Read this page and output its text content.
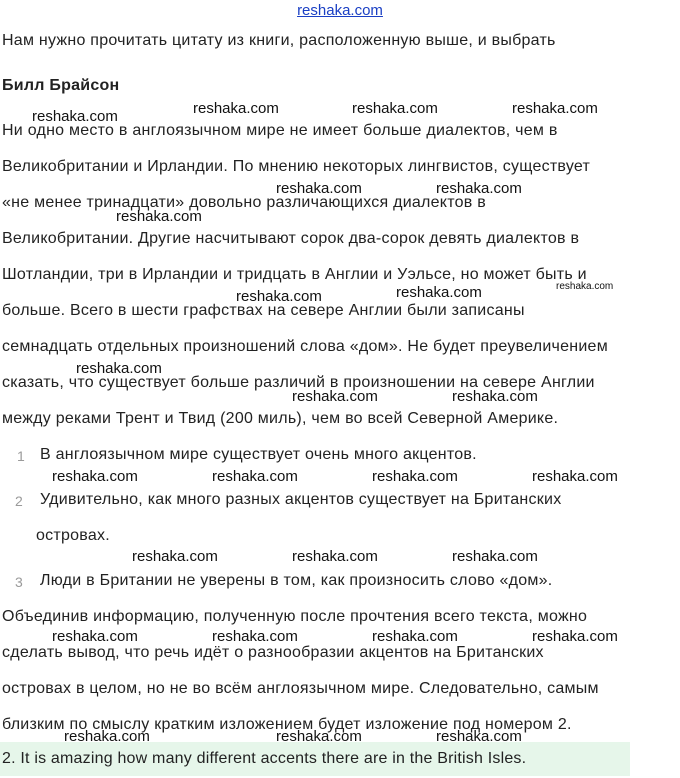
reshaka.com
Нам нужно прочитать цитату из книги, расположенную выше, и выбрать
Билл Брайсон
Ни одно место в англоязычном мире не имеет больше диалектов, чем в
Великобритании и Ирландии. По мнению некоторых лингвистов, существует
«не менее тринадцати» довольно различающихся диалектов в
Великобритании. Другие насчитывают сорок два-сорок девять диалектов в
Шотландии, три в Ирландии и тридцать в Англии и Уэльсе, но может быть и
больше. Всего в шести графствах на севере Англии были записаны
семнадцать отдельных произношений слова «дом». Не будет преувеличением
сказать, что существует больше различий в произношении на севере Англии
между реками Трент и Твид (200 миль), чем во всей Северной Америке.
1 В англоязычном мире существует очень много акцентов.
2 Удивительно, как много разных акцентов существует на Британских
островах.
3 Люди в Британии не уверены в том, как произносить слово «дом».
Объединив информацию, полученную после прочтения всего текста, можно
сделать вывод, что речь идёт о разнообразии акцентов на Британских
островах в целом, но не во всём англоязычном мире. Следовательно, самым
близким по смыслу кратким изложением будет изложение под номером 2.
2. It is amazing how many different accents there are in the British Isles.
reshaka.com	reshaka.com	reshaka.com	reshaka.com
reshaka.com	reshaka.com
reshaka.com
reshaka.com	reshaka.com	reshaka.com
reshaka.com
reshaka.com	reshaka.com
reshaka.com	reshaka.com	reshaka.com	reshaka.com
reshaka.com	reshaka.com	reshaka.com
reshaka.com	reshaka.com	reshaka.com	reshaka.com
reshaka.com	reshaka.com	reshaka.com
